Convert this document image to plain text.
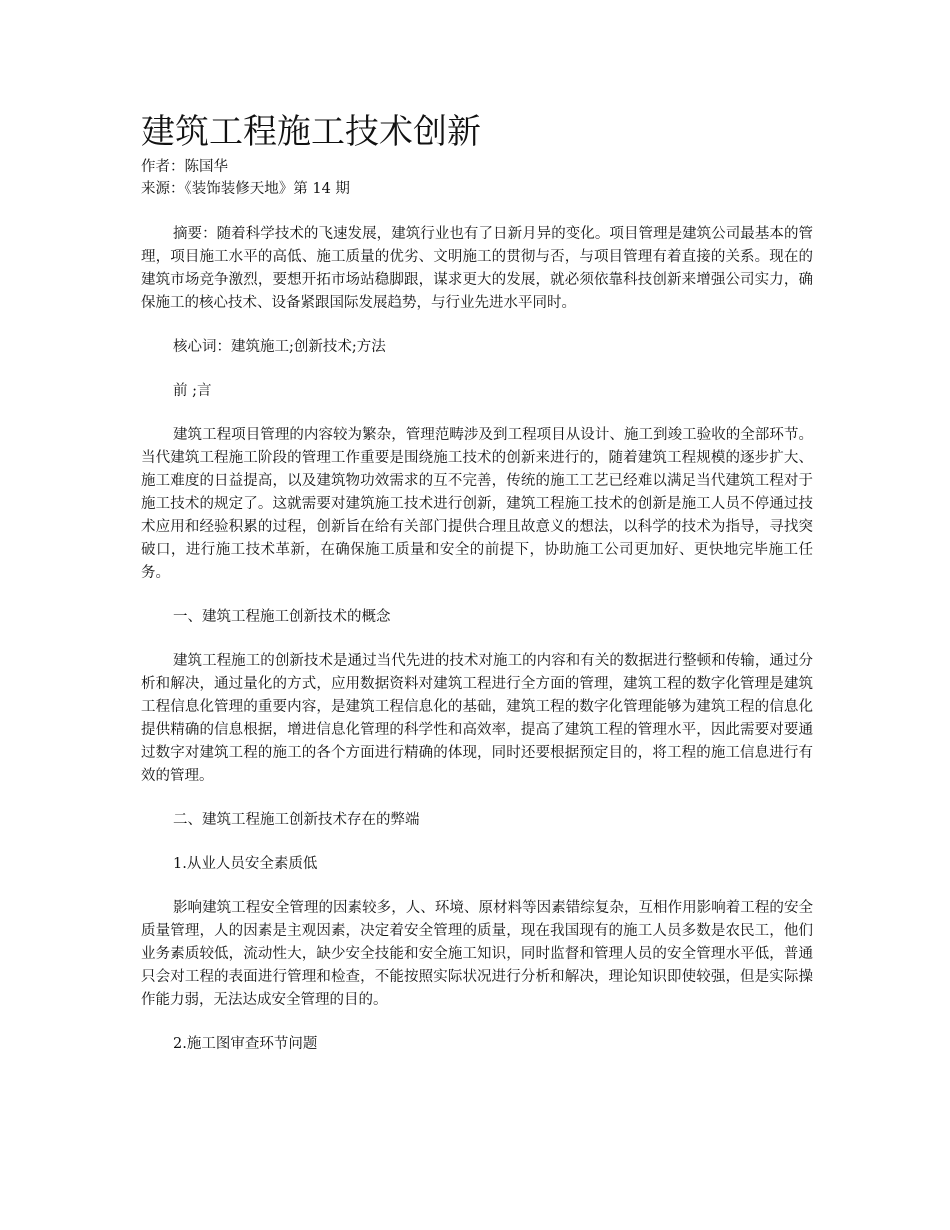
建筑工程施工技术创新

作者：陈国华

来源：《装饰装修天地》第 14 期

摘要：随着科学技术的飞速发展，建筑行业也有了日新月异的变化。项目管理是建筑公司最基本的管理，项目施工水平的高低、施工质量的优劣、文明施工的贯彻与否，与项目管理有着直接的关系。现在的建筑市场竞争激烈，要想开拓市场站稳脚跟，谋求更大的发展，就必须依靠科技创新来增强公司实力，确保施工的核心技术、设备紧跟国际发展趋势，与行业先进水平同时。

核心词：建筑施工;创新技术;方法

前 ;言

建筑工程项目管理的内容较为繁杂，管理范畴涉及到工程项目从设计、施工到竣工验收的全部环节。当代建筑工程施工阶段的管理工作重要是围绕施工技术的创新来进行的，随着建筑工程规模的逐步扩大、施工难度的日益提高，以及建筑物功效需求的互不完善，传统的施工工艺已经难以满足当代建筑工程对于施工技术的规定了。这就需要对建筑施工技术进行创新，建筑工程施工技术的创新是施工人员不停通过技术应用和经验积累的过程，创新旨在给有关部门提供合理且故意义的想法，以科学的技术为指导，寻找突破口，进行施工技术革新，在确保施工质量和安全的前提下，协助施工公司更加好、更快地完毕施工任务。

一、建筑工程施工创新技术的概念

建筑工程施工的创新技术是通过当代先进的技术对施工的内容和有关的数据进行整顿和传输，通过分析和解决，通过量化的方式，应用数据资料对建筑工程进行全方面的管理，建筑工程的数字化管理是建筑工程信息化管理的重要内容，是建筑工程信息化的基础，建筑工程的数字化管理能够为建筑工程的信息化提供精确的信息根据，增进信息化管理的科学性和高效率，提高了建筑工程的管理水平，因此需要对要通过数字对建筑工程的施工的各个方面进行精确的体现，同时还要根据预定目的，将工程的施工信息进行有效的管理。

二、建筑工程施工创新技术存在的弊端

1.从业人员安全素质低

影响建筑工程安全管理的因素较多，人、环境、原材料等因素错综复杂，互相作用影响着工程的安全质量管理，人的因素是主观因素，决定着安全管理的质量，现在我国现有的施工人员多数是农民工，他们业务素质较低，流动性大，缺少安全技能和安全施工知识，同时监督和管理人员的安全管理水平低，普通只会对工程的表面进行管理和检查，不能按照实际状况进行分析和解决，理论知识即使较强，但是实际操作能力弱，无法达成安全管理的目的。

2.施工图审查环节问题
